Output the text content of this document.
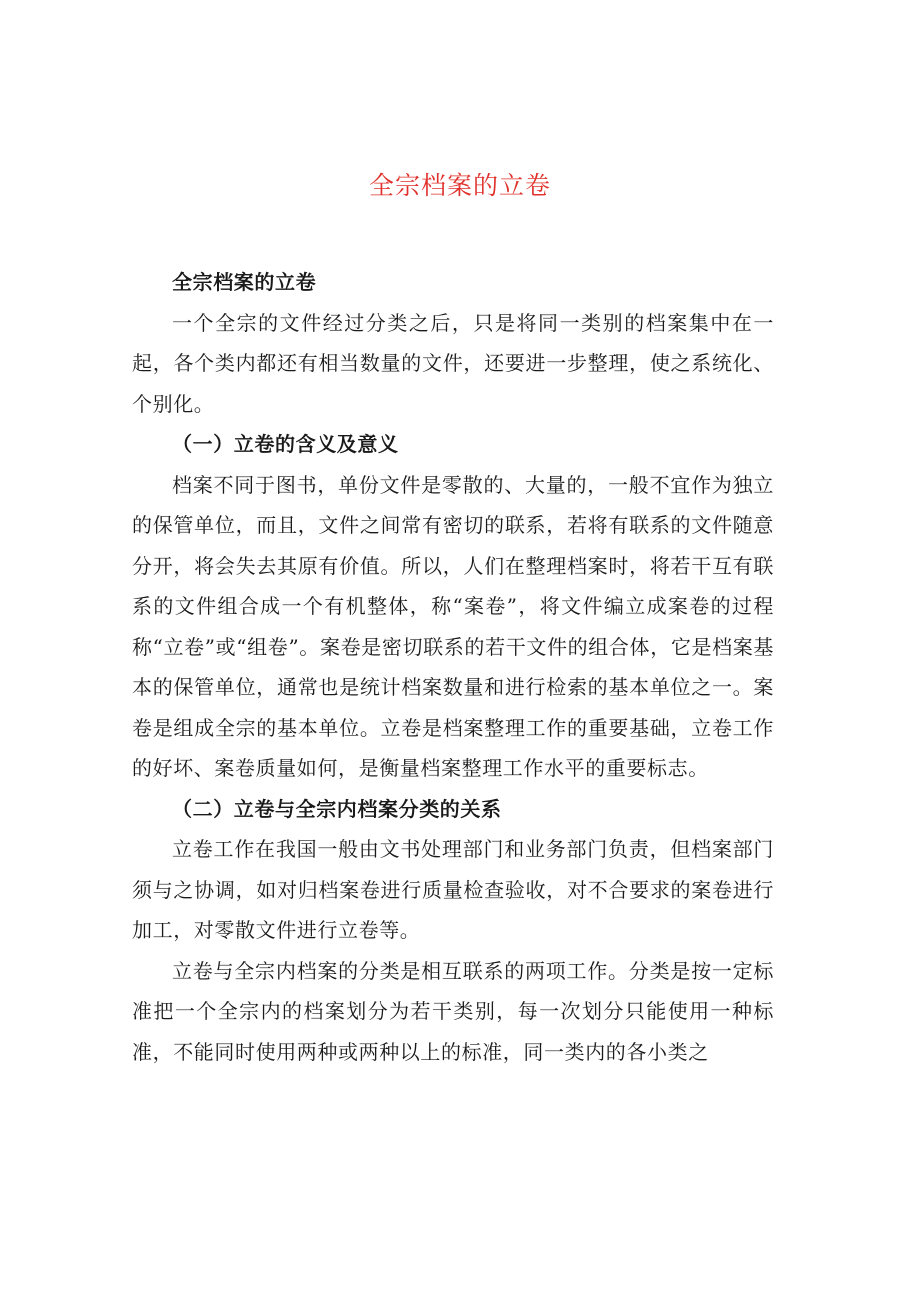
全宗档案的立卷
全宗档案的立卷

一个全宗的文件经过分类之后，只是将同一类别的档案集中在一起，各个类内都还有相当数量的文件，还要进一步整理，使之系统化、个别化。

（一）立卷的含义及意义

档案不同于图书，单份文件是零散的、大量的，一般不宜作为独立的保管单位，而且，文件之间常有密切的联系，若将有联系的文件随意分开，将会失去其原有价值。所以，人们在整理档案时，将若干互有联系的文件组合成一个有机整体，称“案卷”，将文件编立成案卷的过程称“立卷”或“组卷”。案卷是密切联系的若干文件的组合体，它是档案基本的保管单位，通常也是统计档案数量和进行检索的基本单位之一。案卷是组成全宗的基本单位。立卷是档案整理工作的重要基础，立卷工作的好坏、案卷质量如何，是衡量档案整理工作水平的重要标志。

（二）立卷与全宗内档案分类的关系

立卷工作在我国一般由文书处理部门和业务部门负责，但档案部门须与之协调，如对归档案卷进行质量检查验收，对不合要求的案卷进行加工，对零散文件进行立卷等。

立卷与全宗内档案的分类是相互联系的两项工作。分类是按一定标准把一个全宗内的档案划分为若干类别，每一次划分只能使用一种标准，不能同时使用两种或两种以上的标准，同一类内的各小类之
